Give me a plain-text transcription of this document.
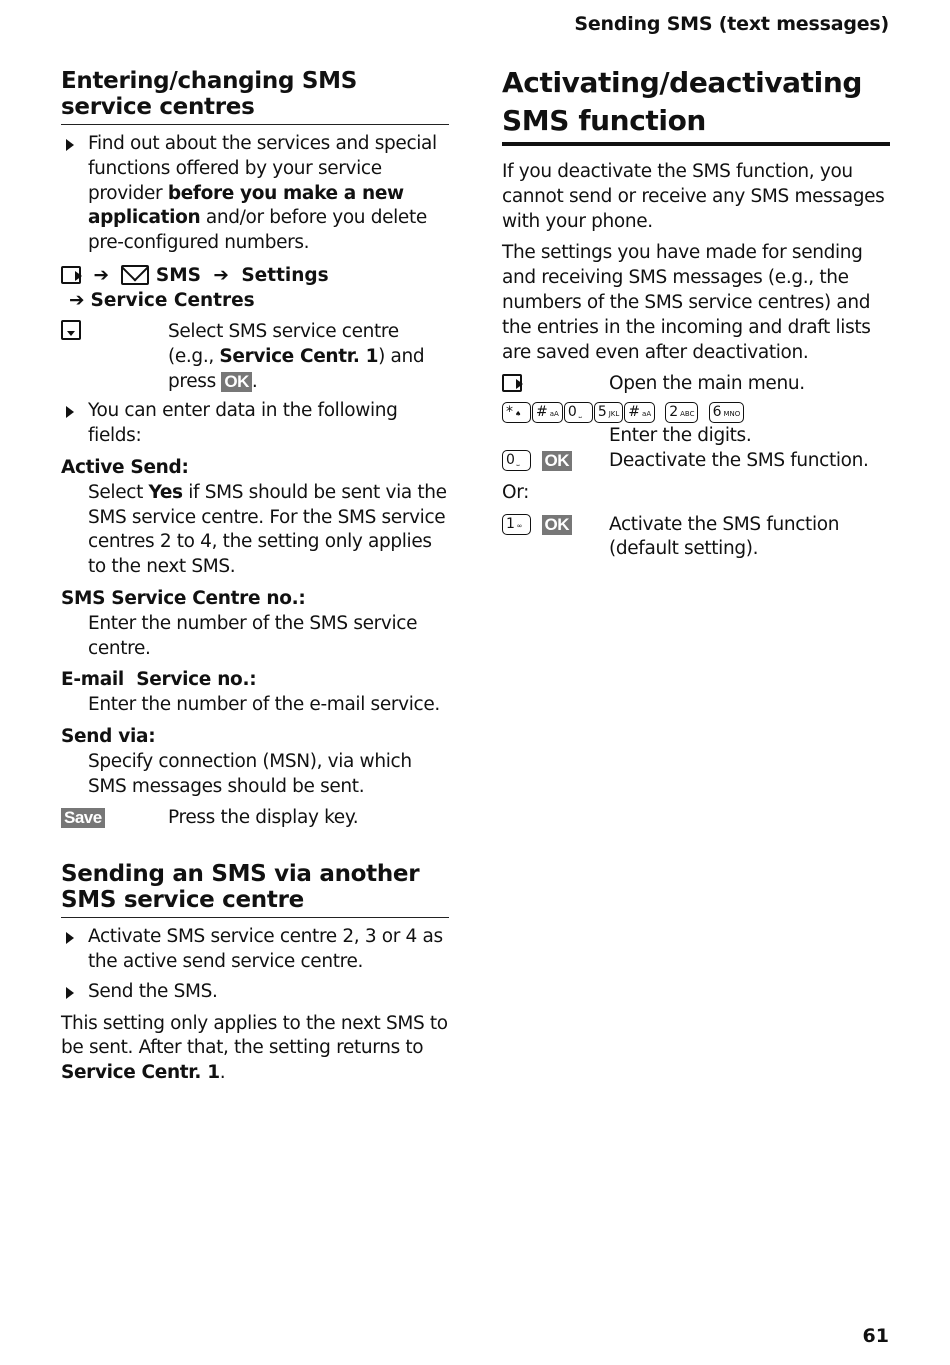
Sending SMS (text messages)
Entering/changing SMS service centres
Find out about the services and special functions offered by your service provider before you make a new application and/or before you delete pre-configured numbers.
➔	SMS ➔ Settings
➔ Service Centres
Select SMS service centre (e.g., Service Centr. 1) and press OK .
You can enter data in the following fields:
Active Send:
Select Yes if SMS should be sent via the SMS service centre. For the SMS service centres 2 to 4, the setting only applies to the next SMS.
SMS Service Centre no.:
Enter the number of the SMS service centre.
E-mail  Service no.:
Enter the number of the e-mail service.
Send via:
Specify connection (MSN), via which SMS messages should be sent.
Save	Press the display key.
Sending an SMS via another SMS service centre
Activate SMS service centre 2, 3 or 4 as the active send service centre.
Send the SMS.
This setting only applies to the next SMS to be sent. After that, the setting returns to Service Centr. 1.
Activating/deactivating SMS function
If you deactivate the SMS function, you cannot send or receive any SMS messages with your phone.
The settings you have made for sending and receiving SMS messages (e.g., the numbers of the SMS service centres) and the entries in the incoming and draft lists are saved even after deactivation.
Open the main menu.
* ♠ # aA 0 ⎵ 5 JKL # aA 2 ABC 6 MNO
Enter the digits.
0 ⎵ OK	Deactivate the SMS function.
Or:
1 ∞ OK	Activate the SMS function (default setting).
61
